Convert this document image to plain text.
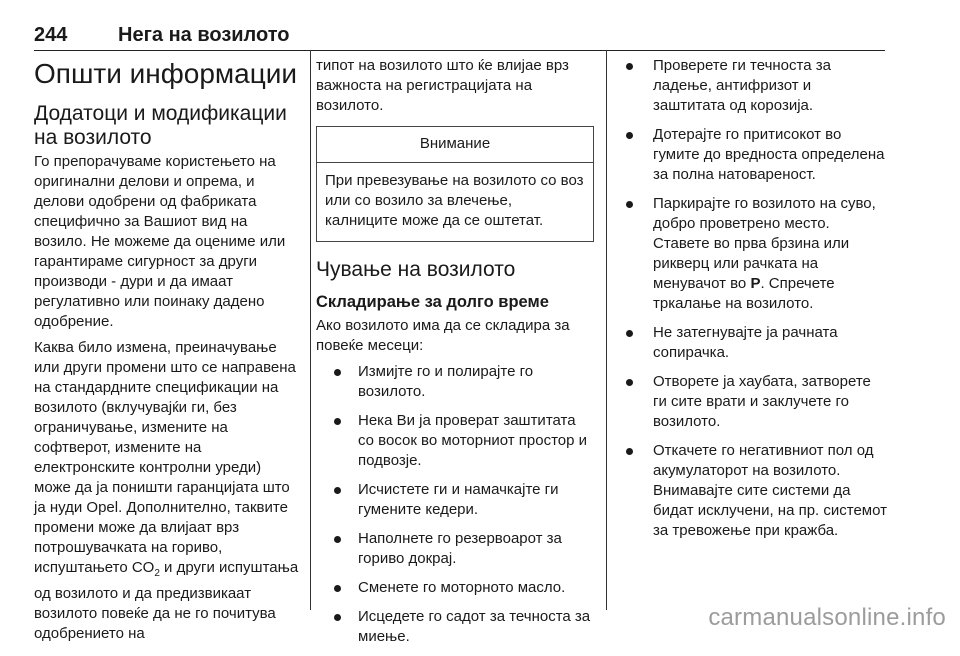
244	Нега на возилото
Општи информации
Додатоци и модификации на возилото

Го препорачуваме користењето на оригинални делови и опрема, и делови одобрени од фабриката специфично за Вашиот вид на возило. Не можеме да оцениме или гарантираме сигурност за други производи - дури и да имаат регулативно или поинаку дадено одобрение.

Каква било измена, преиначување или други промени што се направена на стандардните спецификации на возилото (вклучувајќи ги, без ограничување, измените на софтверот, измените на електронските контролни уреди) може да ја поништи гаранцијата што ја нуди Opel. Дополнително, таквите промени може да влијаат врз потрошувачката на гориво, испуштањето $CO_2$ и други испуштања од возилото и да предизвикаат возилото повеќе да не го почитува одобрението на

типот на возилото што ќе влијае врз важноста на регистрацијата на возилото.

Внимание
При превезување на возилото со воз или со возило за влечење, калниците може да се оштетат.
Чување на возилото
Складирање за долго време

Ако возилото има да се складира за повеќе месеци:

Измијте го и полирајте го возилото.
Нека Ви ја проверат заштитата со восок во моторниот простор и подвозје.
Исчистете ги и намачкајте ги гумените кедери.
Наполнете го резервоарот за гориво докрај.
Сменете го моторното масло.
Исцедете го садот за течноста за миење.
Проверете ги течноста за ладење, антифризот и заштитата од корозија.
Дотерајте го притисокот во гумите до вредноста определена за полна натовареност.
Паркирајте го возилото на суво, добро проветрено место. Ставете во прва брзина или рикверц или рачката на менувачот во P. Спречете тркалање на возилото.
Не затегнувајте ја рачната сопирачка.
Отворете ја хаубата, затворете ги сите врати и заклучете го возилото.
Откачете го негативниот пол од акумулаторот на возилото. Внимавајте сите системи да бидат исклучени, на пр. системот за тревожење при кражба.
carmanualsonline.info
